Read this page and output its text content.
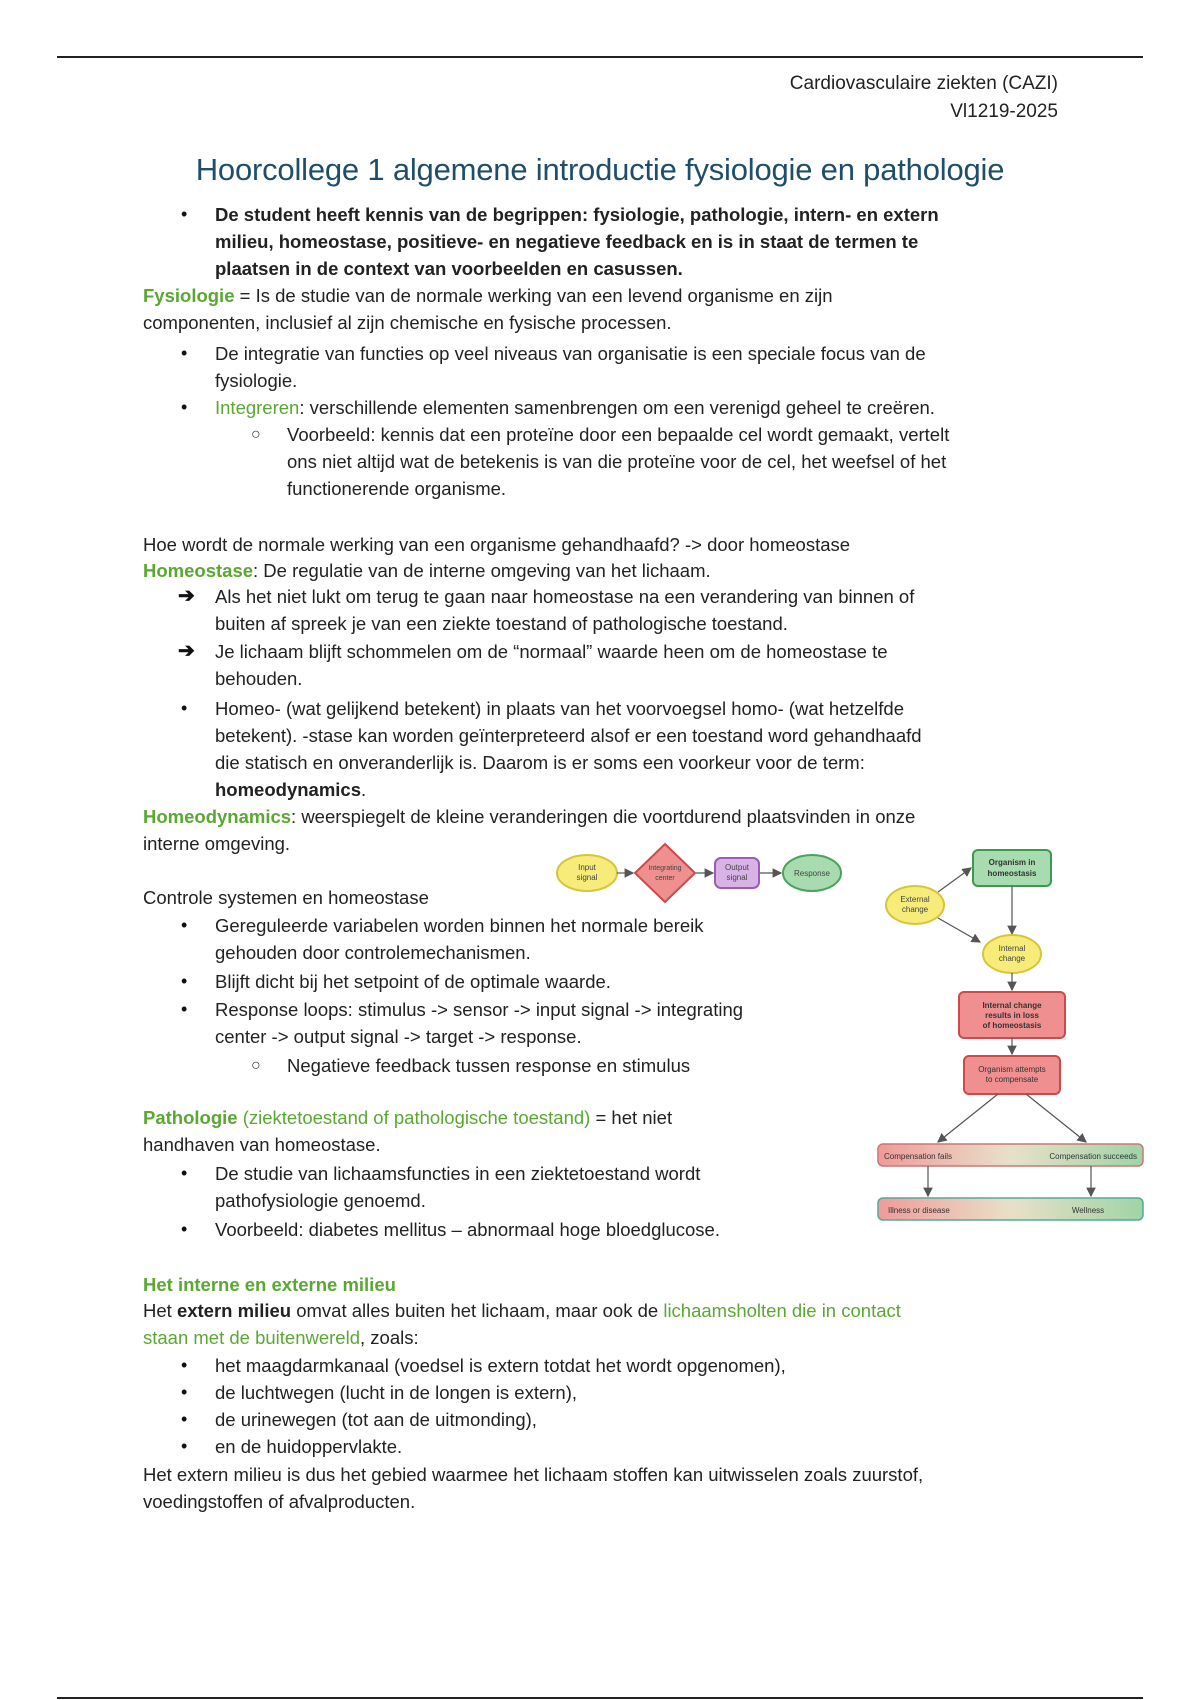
Cardiovasculaire ziekten (CAZI)
Vl1219-2025
Hoorcollege 1 algemene introductie fysiologie en pathologie
• De student heeft kennis van de begrippen: fysiologie, pathologie, intern- en extern
milieu, homeostase, positieve- en negatieve feedback en is in staat de termen te
plaatsen in de context van voorbeelden en casussen.
Fysiologie = Is de studie van de normale werking van een levend organisme en zijn
componenten, inclusief al zijn chemische en fysische processen.
• De integratie van functies op veel niveaus van organisatie is een speciale focus van de
fysiologie.
• Integreren: verschillende elementen samenbrengen om een verenigd geheel te creëren.
○ Voorbeeld: kennis dat een proteïne door een bepaalde cel wordt gemaakt, vertelt
ons niet altijd wat de betekenis is van die proteïne voor de cel, het weefsel of het
functionerende organisme.
Hoe wordt de normale werking van een organisme gehandhaafd? -> door homeostase
Homeostase: De regulatie van de interne omgeving van het lichaam.
➔ Als het niet lukt om terug te gaan naar homeostase na een verandering van binnen of
buiten af spreek je van een ziekte toestand of pathologische toestand.
➔ Je lichaam blijft schommelen om de “normaal” waarde heen om de homeostase te
behouden.
• Homeo- (wat gelijkend betekent) in plaats van het voorvoegsel homo- (wat hetzelfde
betekent). -stase kan worden geïnterpreteerd alsof er een toestand word gehandhaafd
die statisch en onveranderlijk is. Daarom is er soms een voorkeur voor de term:
homeodynamics.
Homeodynamics: weerspiegelt de kleine veranderingen die voortdurend plaatsvinden in onze
interne omgeving.
Controle systemen en homeostase
• Gereguleerde variabelen worden binnen het normale bereik
gehouden door controlemechanismen.
• Blijft dicht bij het setpoint of de optimale waarde.
• Response loops: stimulus -> sensor -> input signal -> integrating
center -> output signal -> target -> response.
○ Negatieve feedback tussen response en stimulus
Pathologie (ziektetoestand of pathologische toestand) = het niet
handhaven van homeostase.
• De studie van lichaamsfuncties in een ziektetoestand wordt
pathofysiologie genoemd.
• Voorbeeld: diabetes mellitus – abnormaal hoge bloedglucose.
Het interne en externe milieu
Het extern milieu omvat alles buiten het lichaam, maar ook de lichaamsholten die in contact
staan met de buitenwereld, zoals:
• het maagdarmkanaal (voedsel is extern totdat het wordt opgenomen),
• de luchtwegen (lucht in de longen is extern),
• de urinewegen (tot aan de uitmonding),
• en de huidoppervlakte.
Het extern milieu is dus het gebied waarmee het lichaam stoffen kan uitwisselen zoals zuurstof,
voedingstoffen of afvalproducten.
Input
signal
Integrating
center
Output
signal	Response
Organism in
homeostasis
External
change
Internal
change
Internal change
results in loss
of homeostasis
Organism attempts
to compensate
Compensation fails	Compensation succeeds
Illness or disease	Wellness
